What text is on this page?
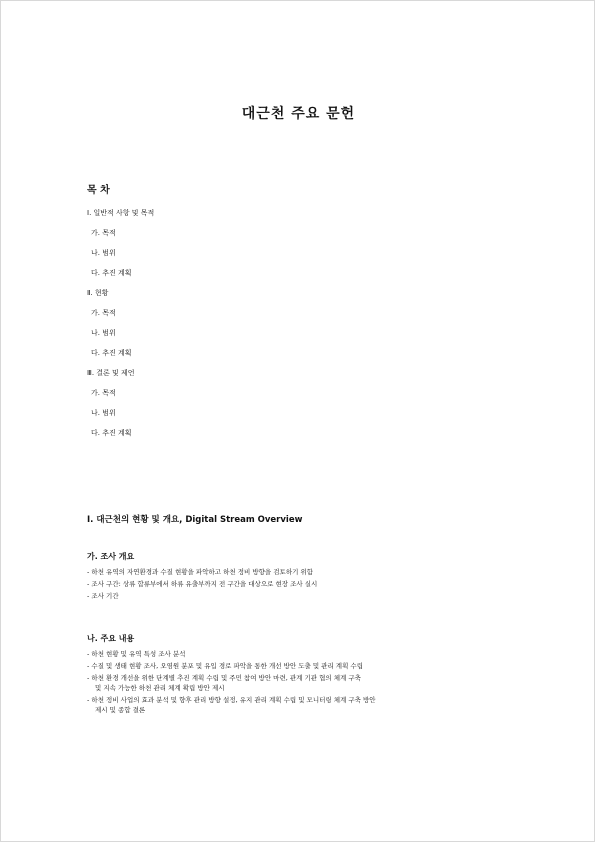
대근천 주요 문헌
목 차
Ⅰ. 일반적 사항 및 목적
가. 목적
나. 범위
다. 추진 계획
Ⅱ. 현황
가. 목적
나. 범위
다. 추진 계획
Ⅲ. 결론 및 제언
가. 목적
나. 범위
다. 추진 계획
Ⅰ. 대근천의 현황 및 개요, Digital Stream Overview
가. 조사 개요
- 하천 유역의 자연환경과 수질 현황을 파악하고 하천 정비 방향을 검토하기 위함
- 조사 구간: 상류 합류부에서 하류 유출부까지 전 구간을 대상으로 현장 조사 실시
- 조사 기간
나. 주요 내용
- 하천 현황 및 유역 특성 조사 분석
- 수질 및 생태 현황 조사, 오염원 분포 및 유입 경로 파악을 통한 개선 방안 도출 및 관리 계획 수립
- 하천 환경 개선을 위한 단계별 추진 계획 수립 및 주민 참여 방안 마련, 관계 기관 협의 체계 구축
및 지속 가능한 하천 관리 체계 확립 방안 제시
- 하천 정비 사업의 효과 분석 및 향후 관리 방향 설정, 유지 관리 계획 수립 및 모니터링 체계 구축 방안
제시 및 종합 결론
